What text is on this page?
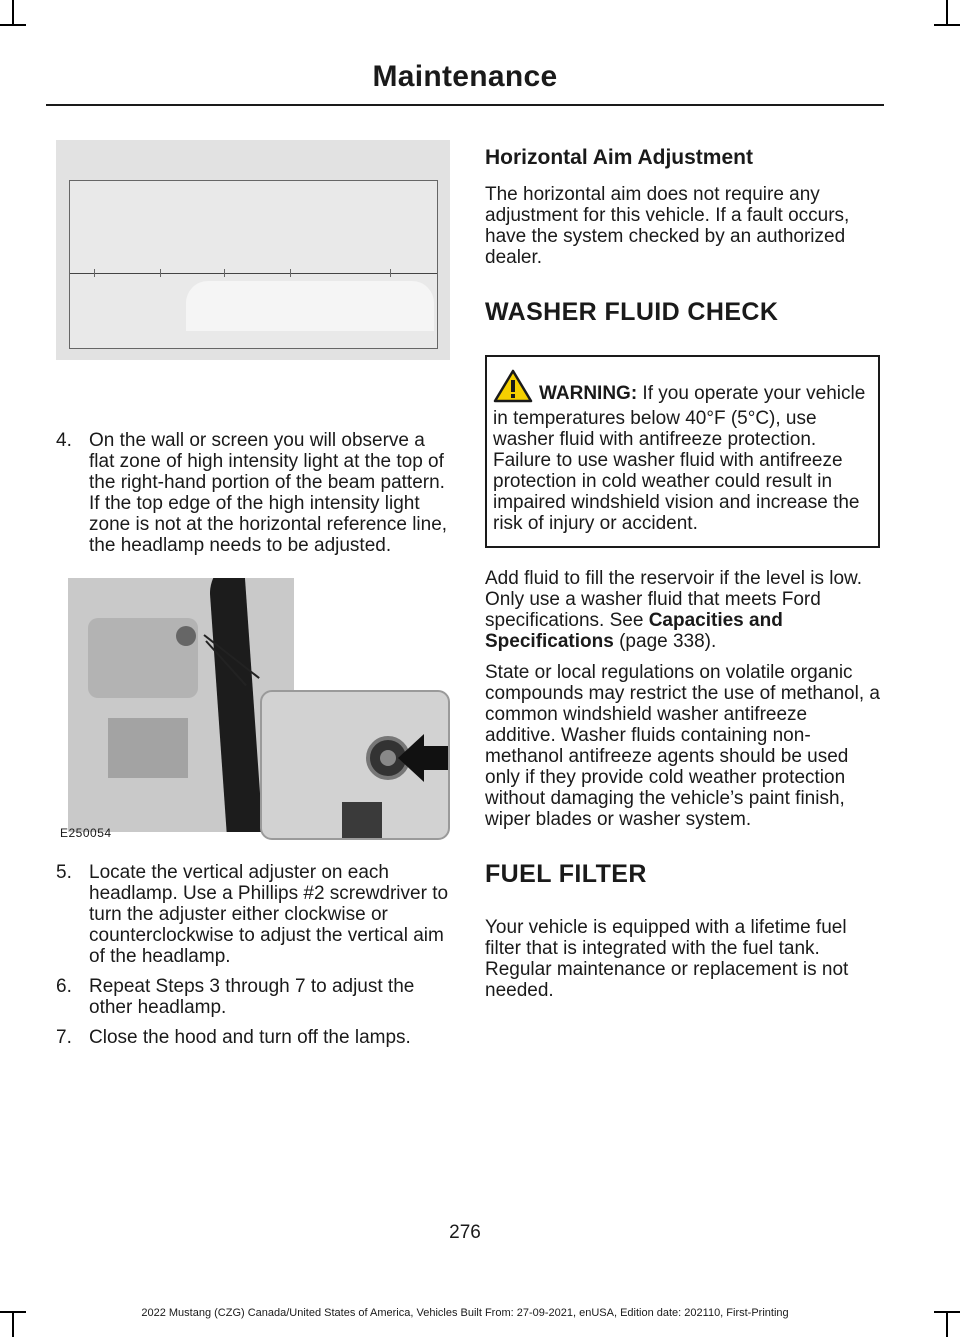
Maintenance
4. On the wall or screen you will observe a flat zone of high intensity light at the top of the right-hand portion of the beam pattern. If the top edge of the high intensity light zone is not at the horizontal reference line, the headlamp needs to be adjusted.
E250054
5. Locate the vertical adjuster on each headlamp. Use a Phillips #2 screwdriver to turn the adjuster either clockwise or counterclockwise to adjust the vertical aim of the headlamp.
6. Repeat Steps 3 through 7 to adjust the other headlamp.
7. Close the hood and turn off the lamps.
Horizontal Aim Adjustment

The horizontal aim does not require any adjustment for this vehicle. If a fault occurs, have the system checked by an authorized dealer.

WASHER FLUID CHECK
WARNING: If you operate your vehicle in temperatures below 40°F (5°C), use washer fluid with antifreeze protection. Failure to use washer fluid with antifreeze protection in cold weather could result in impaired windshield vision and increase the risk of injury or accident.

Add fluid to fill the reservoir if the level is low. Only use a washer fluid that meets Ford specifications. See Capacities and Specifications (page 338).

State or local regulations on volatile organic compounds may restrict the use of methanol, a common windshield washer antifreeze additive. Washer fluids containing non-methanol antifreeze agents should be used only if they provide cold weather protection without damaging the vehicle’s paint finish, wiper blades or washer system.

FUEL FILTER

Your vehicle is equipped with a lifetime fuel filter that is integrated with the fuel tank. Regular maintenance or replacement is not needed.

276
2022 Mustang (CZG) Canada/United States of America, Vehicles Built From: 27-09-2021, enUSA, Edition date: 202110, First-Printing
